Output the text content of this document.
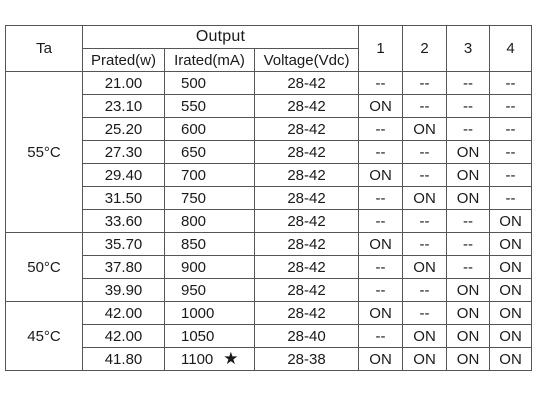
Ta	Output			1	2	3	4
	Prated(w)	Irated(mA)	Voltage(Vdc)				
55°C	21.00	500	28-42	--	--	--	--
	23.10	550	28-42	ON	--	--	--
	25.20	600	28-42	--	ON	--	--
	27.30	650	28-42	--	--	ON	--
	29.40	700	28-42	ON	--	ON	--
	31.50	750	28-42	--	ON	ON	--
	33.60	800	28-42	--	--	--	ON
50°C	35.70	850	28-42	ON	--	--	ON
	37.80	900	28-42	--	ON	--	ON
	39.90	950	28-42	--	--	ON	ON
45°C	42.00	1000	28-42	ON	--	ON	ON
	42.00	1050	28-40	--	ON	ON	ON
	41.80	1100 ★	28-38	ON	ON	ON	ON
